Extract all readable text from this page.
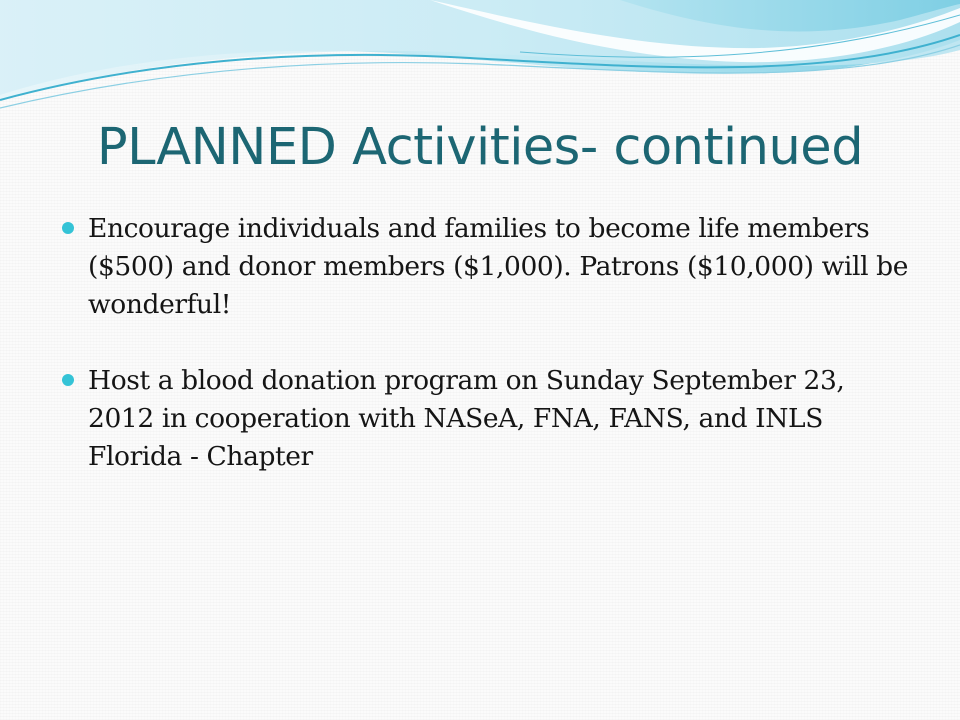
PLANNED Activities- continued
Encourage individuals and families to become life members ($500) and donor members ($1,000). Patrons ($10,000) will be wonderful!
Host a blood donation program on Sunday September 23, 2012 in cooperation with NASeA, FNA, FANS, and INLS Florida - Chapter
